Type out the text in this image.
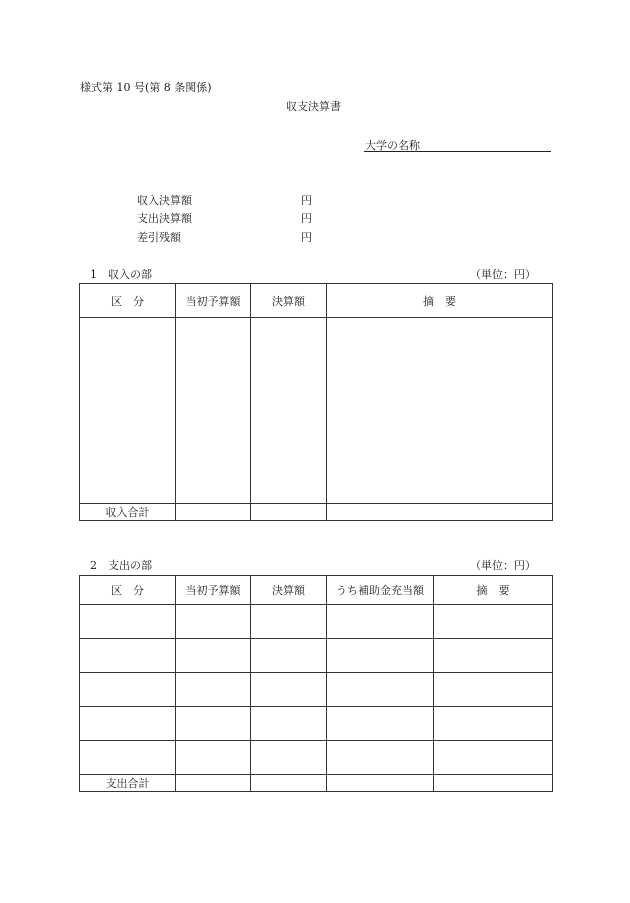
様式第 10 号(第 8 条関係)
収支決算書
大学の名称
収入決算額	円
支出決算額	円
差引残額	円
1　収入の部	（単位：円）
区　分	当初予算額	決算額	摘　要

収入合計			
2　支出の部	（単位：円）
区　分	当初予算額	決算額	うち補助金充当額	摘　要

支出合計				
